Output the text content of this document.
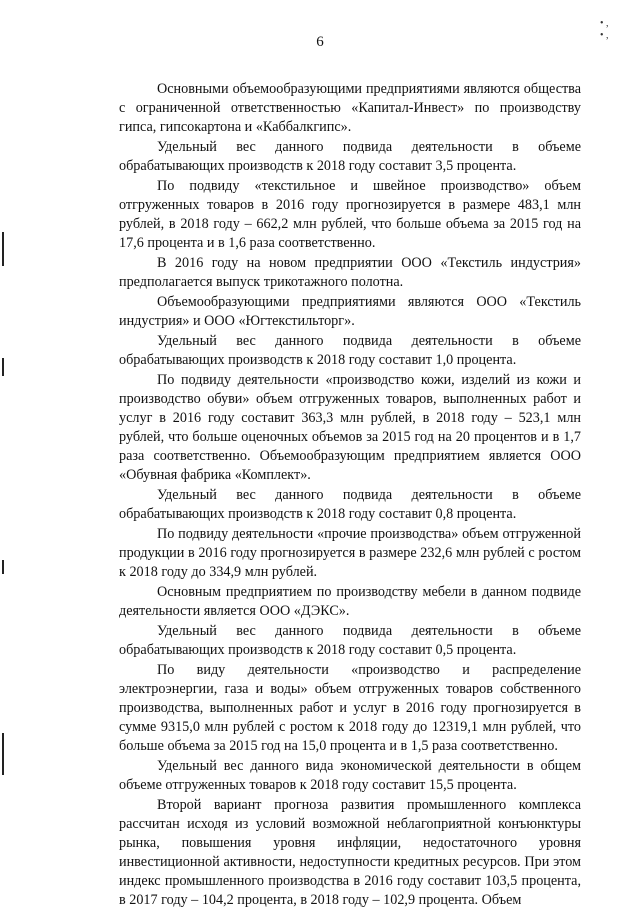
6
• , • ,

Основными объемообразующими предприятиями являются общества с ограниченной ответственностью «Капитал-Инвест» по производству гипса, гипсокартона и «Каббалкгипс».

Удельный вес данного подвида деятельности в объеме обрабатывающих производств к 2018 году составит 3,5 процента.

По подвиду «текстильное и швейное производство» объем отгруженных товаров в 2016 году прогнозируется в размере 483,1 млн рублей, в 2018 году – 662,2 млн рублей, что больше объема за 2015 год на 17,6 процента и в 1,6 раза соответственно.

В 2016 году на новом предприятии ООО «Текстиль индустрия» предполагается выпуск трикотажного полотна.

Объемообразующими предприятиями являются ООО «Текстиль индустрия» и ООО «Югтекстильторг».

Удельный вес данного подвида деятельности в объеме обрабатывающих производств к 2018 году составит 1,0 процента.

По подвиду деятельности «производство кожи, изделий из кожи и производство обуви» объем отгруженных товаров, выполненных работ и услуг в 2016 году составит 363,3 млн рублей, в 2018 году – 523,1 млн рублей, что больше оценочных объемов за 2015 год на 20 процентов и в 1,7 раза соответственно. Объемообразующим предприятием является ООО «Обувная фабрика «Комплект».

Удельный вес данного подвида деятельности в объеме обрабатывающих производств к 2018 году составит 0,8 процента.

По подвиду деятельности «прочие производства» объем отгруженной продукции в 2016 году прогнозируется в размере 232,6 млн рублей с ростом к 2018 году до 334,9 млн рублей.

Основным предприятием по производству мебели в данном подвиде деятельности является ООО «ДЭКС».

Удельный вес данного подвида деятельности в объеме обрабатывающих производств к 2018 году составит 0,5 процента.

По виду деятельности «производство и распределение электроэнергии, газа и воды» объем отгруженных товаров собственного производства, выполненных работ и услуг в 2016 году прогнозируется в сумме 9315,0 млн рублей с ростом к 2018 году до 12319,1 млн рублей, что больше объема за 2015 год на 15,0 процента и в 1,5 раза соответственно.

Удельный вес данного вида экономической деятельности в общем объеме отгруженных товаров к 2018 году составит 15,5 процента.

Второй вариант прогноза развития промышленного комплекса рассчитан исходя из условий возможной неблагоприятной конъюнктуры рынка, повышения уровня инфляции, недостаточного уровня инвестиционной активности, недоступности кредитных ресурсов. При этом индекс промышленного производства в 2016 году составит 103,5 процента, в 2017 году – 104,2 процента, в 2018 году – 102,9 процента. Объем
